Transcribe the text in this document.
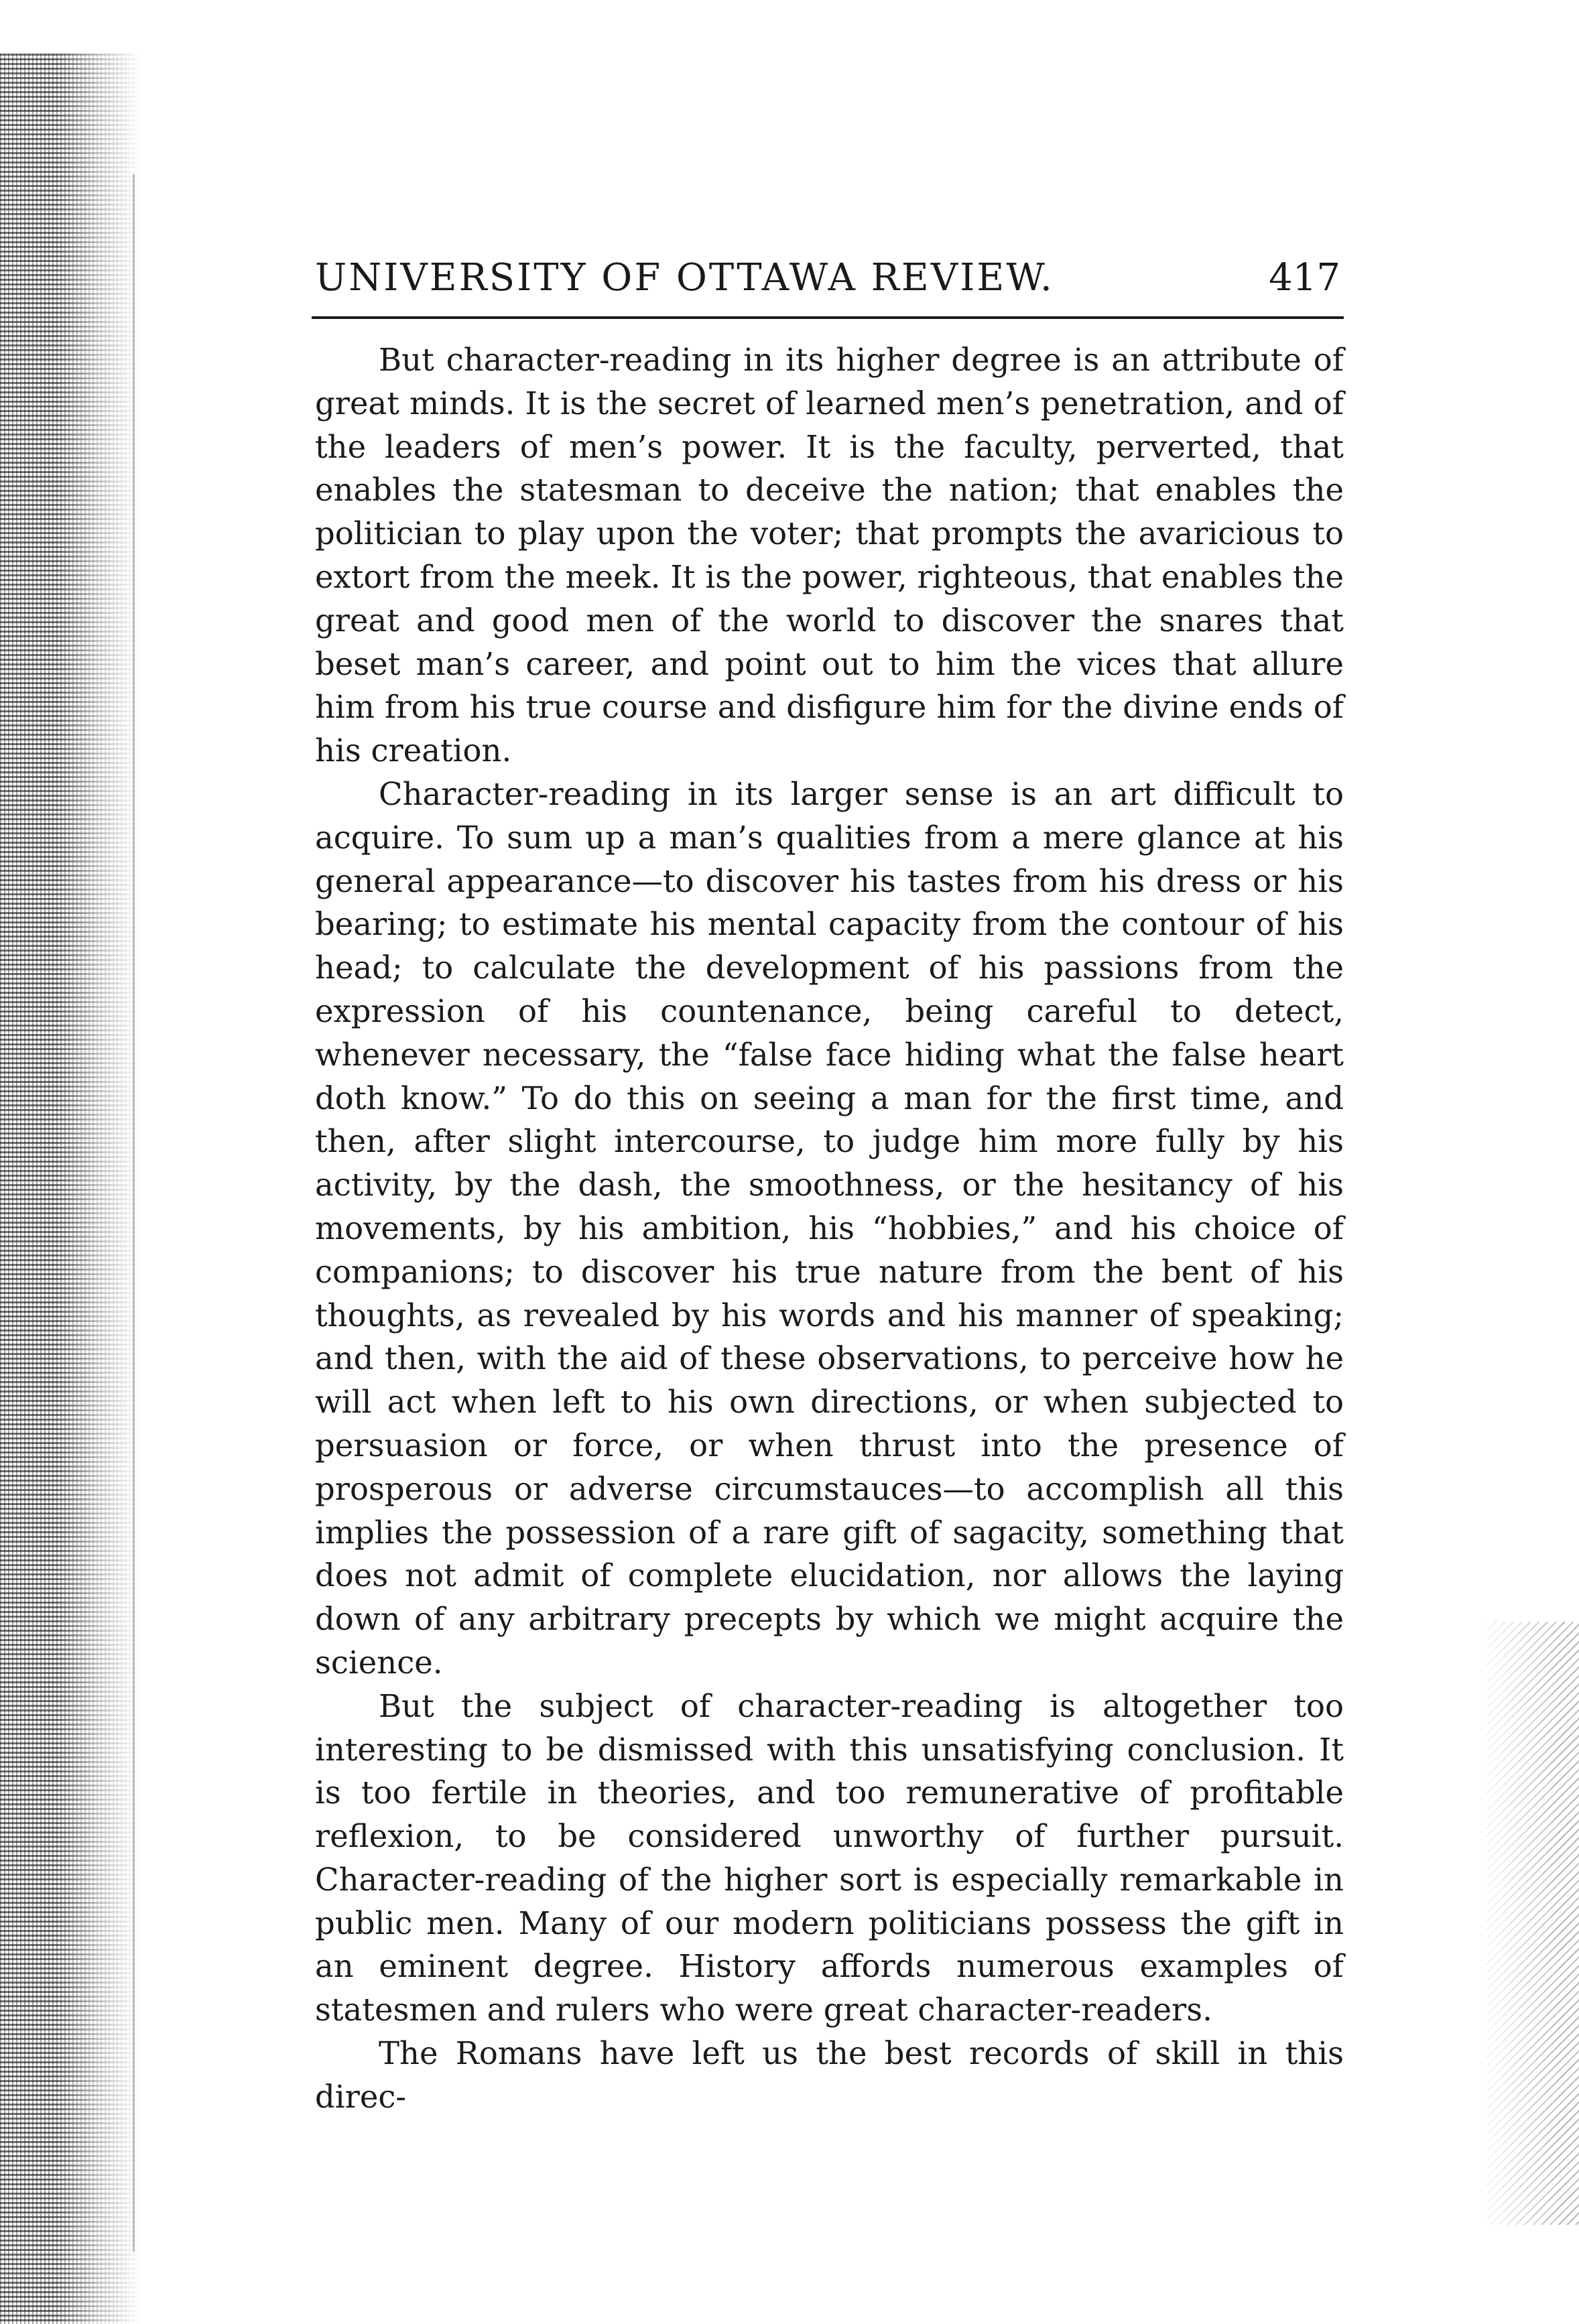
UNIVERSITY OF OTTAWA REVIEW.	417

But character-reading in its higher degree is an attribute of great minds. It is the secret of learned men’s penetration, and of the leaders of men’s power. It is the faculty, perverted, that enables the statesman to deceive the nation; that enables the politician to play upon the voter; that prompts the avaricious to extort from the meek. It is the power, righteous, that enables the great and good men of the world to discover the snares that beset man’s career, and point out to him the vices that allure him from his true course and disfigure him for the divine ends of his creation.

Character-reading in its larger sense is an art difficult to acquire. To sum up a man’s qualities from a mere glance at his general appearance—to discover his tastes from his dress or his bearing; to estimate his mental capacity from the contour of his head; to calculate the development of his passions from the expression of his countenance, being careful to detect, whenever necessary, the “false face hiding what the false heart doth know.” To do this on seeing a man for the first time, and then, after slight intercourse, to judge him more fully by his activity, by the dash, the smoothness, or the hesitancy of his movements, by his ambition, his “hobbies,” and his choice of companions; to discover his true nature from the bent of his thoughts, as revealed by his words and his manner of speaking; and then, with the aid of these observations, to perceive how he will act when left to his own directions, or when subjected to persuasion or force, or when thrust into the presence of prosperous or adverse circumstauces—to accomplish all this implies the possession of a rare gift of sagacity, something that does not admit of complete elucidation, nor allows the laying down of any arbitrary precepts by which we might acquire the science.

But the subject of character-reading is altogether too interesting to be dismissed with this unsatisfying conclusion. It is too fertile in theories, and too remunerative of profitable reflexion, to be considered unworthy of further pursuit. Character-reading of the higher sort is especially remarkable in public men. Many of our modern politicians possess the gift in an eminent degree. History affords numerous examples of statesmen and rulers who were great character-readers.

The Romans have left us the best records of skill in this direc-
